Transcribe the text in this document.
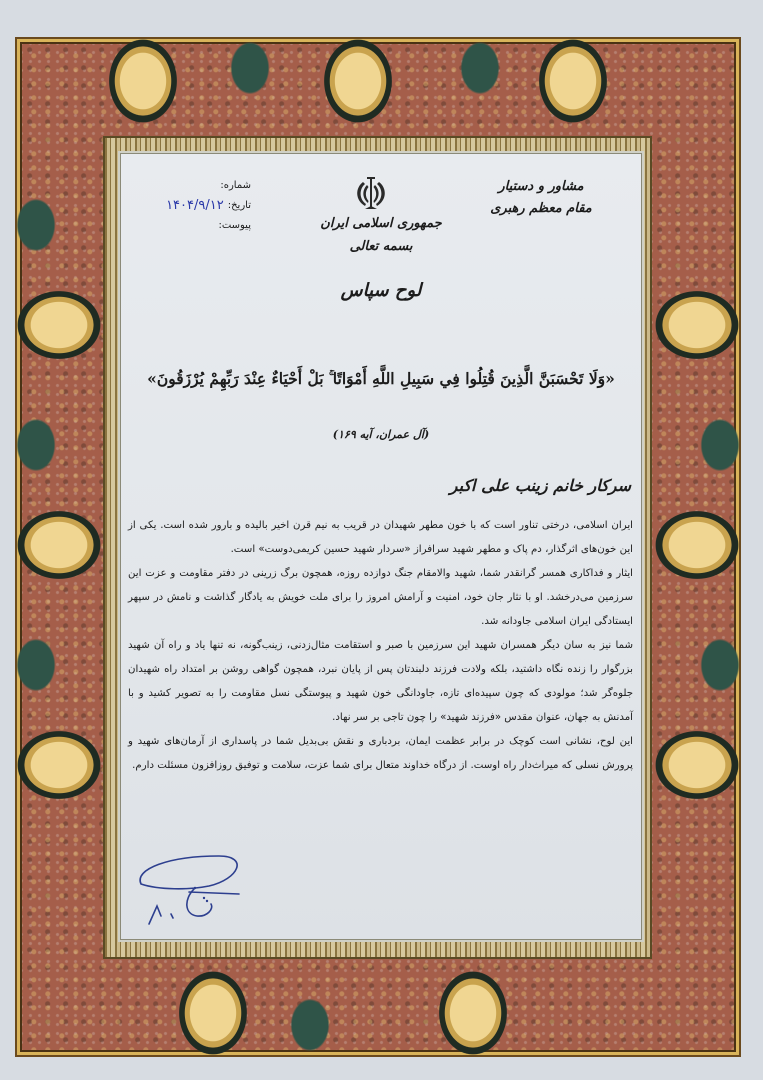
مشاور و دستیار
مقام معظم رهبری
شماره:
تاریخ:
۱۴۰۴/۹/۱۲
پیوست:	جمهوری اسلامی ایران
بسمه تعالی
لوح سپاس
«وَلَا تَحْسَبَنَّ الَّذِينَ قُتِلُوا فِي سَبِيلِ اللَّهِ أَمْوَاتًا ۚ بَلْ أَحْيَاءٌ عِنْدَ رَبِّهِمْ يُرْزَقُونَ»
(آل عمران، آیه ۱۶۹)
سرکار خانم زینب علی اکبر

ایران اسلامی، درختی تناور است که با خون مطهر شهیدان در قریب به نیم قرن اخیر بالیده و بارور شده است. یکی از این خون‌های اثرگذار، دم پاک و مطهر شهید سرافراز «سردار شهید حسین کریمی‌دوست» است.

ایثار و فداکاری همسر گرانقدر شما، شهید والامقام جنگ دوازده روزه، همچون برگ زرینی در دفتر مقاومت و عزت این سرزمین می‌درخشد. او با نثار جان خود، امنیت و آرامش امروز را برای ملت خویش به یادگار گذاشت و نامش در سپهر ایستادگی ایران اسلامی جاودانه شد.

شما نیز به سان دیگر همسران شهید این سرزمین با صبر و استقامت مثال‌زدنی، زینب‌گونه، نه تنها یاد و راه آن شهید بزرگوار را زنده نگاه داشتید، بلکه ولادت فرزند دلبندتان پس از پایان نبرد، همچون گواهی روشن بر امتداد راه شهیدان جلوه‌گر شد؛ مولودی که چون سپیده‌ای تازه، جاودانگی خون شهید و پیوستگی نسل مقاومت را به تصویر کشید و با آمدنش به جهان، عنوان مقدس «فرزند شهید» را چون تاجی بر سر نهاد.

این لوح، نشانی است کوچک در برابر عظمت ایمان، بردباری و نقش بی‌بدیل شما در پاسداری از آرمان‌های شهید و پرورش نسلی که میراث‌دار راه اوست. از درگاه خداوند متعال برای شما عزت، سلامت و توفیق روزافزون مسئلت دارم.
